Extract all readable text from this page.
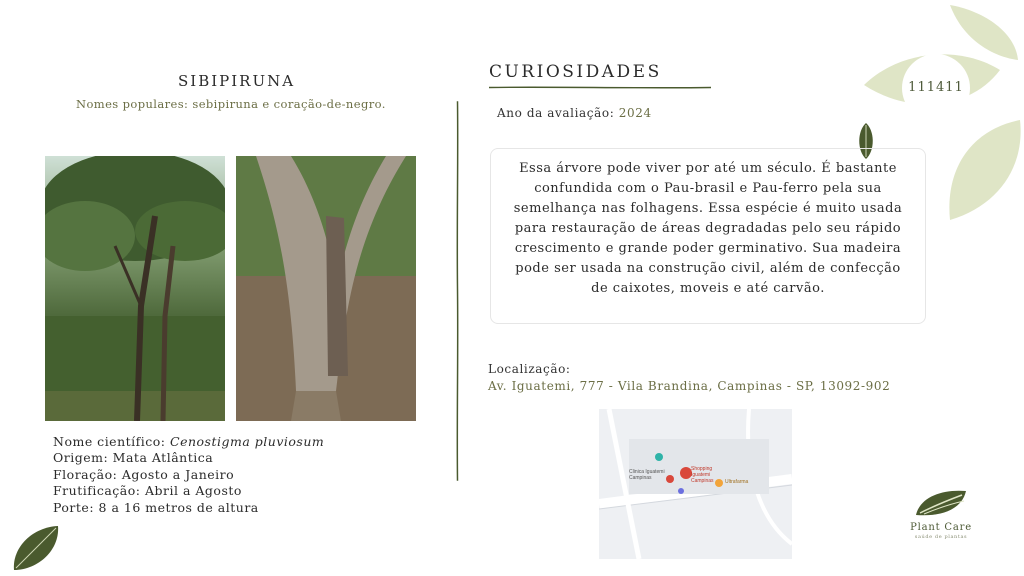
111411
SIBIPIRUNA
Nomes populares: sebipiruna e coração-de-negro.
Nome científico: Cenostigma pluviosum
Origem: Mata Atlântica
Floração: Agosto a Janeiro
Frutificação: Abril a Agosto
Porte: 8 a 16 metros de altura
CURIOSIDADES
Ano da avaliação: 2024
Essa árvore pode viver por até um século. É bastante confundida com o Pau-brasil e Pau-ferro pela sua semelhança nas folhagens. Essa espécie é muito usada para restauração de áreas degradadas pelo seu rápido crescimento e grande poder germinativo. Sua madeira pode ser usada na construção civil, além de confecção de caixotes, moveis e até carvão.
Localização:
Av. Iguatemi, 777 - Vila Brandina, Campinas - SP, 13092-902
Shopping Iguatemi Campinas
Clinica Iguatemi Campinas
Ultrafarma
Plant Care
saúde de plantas
